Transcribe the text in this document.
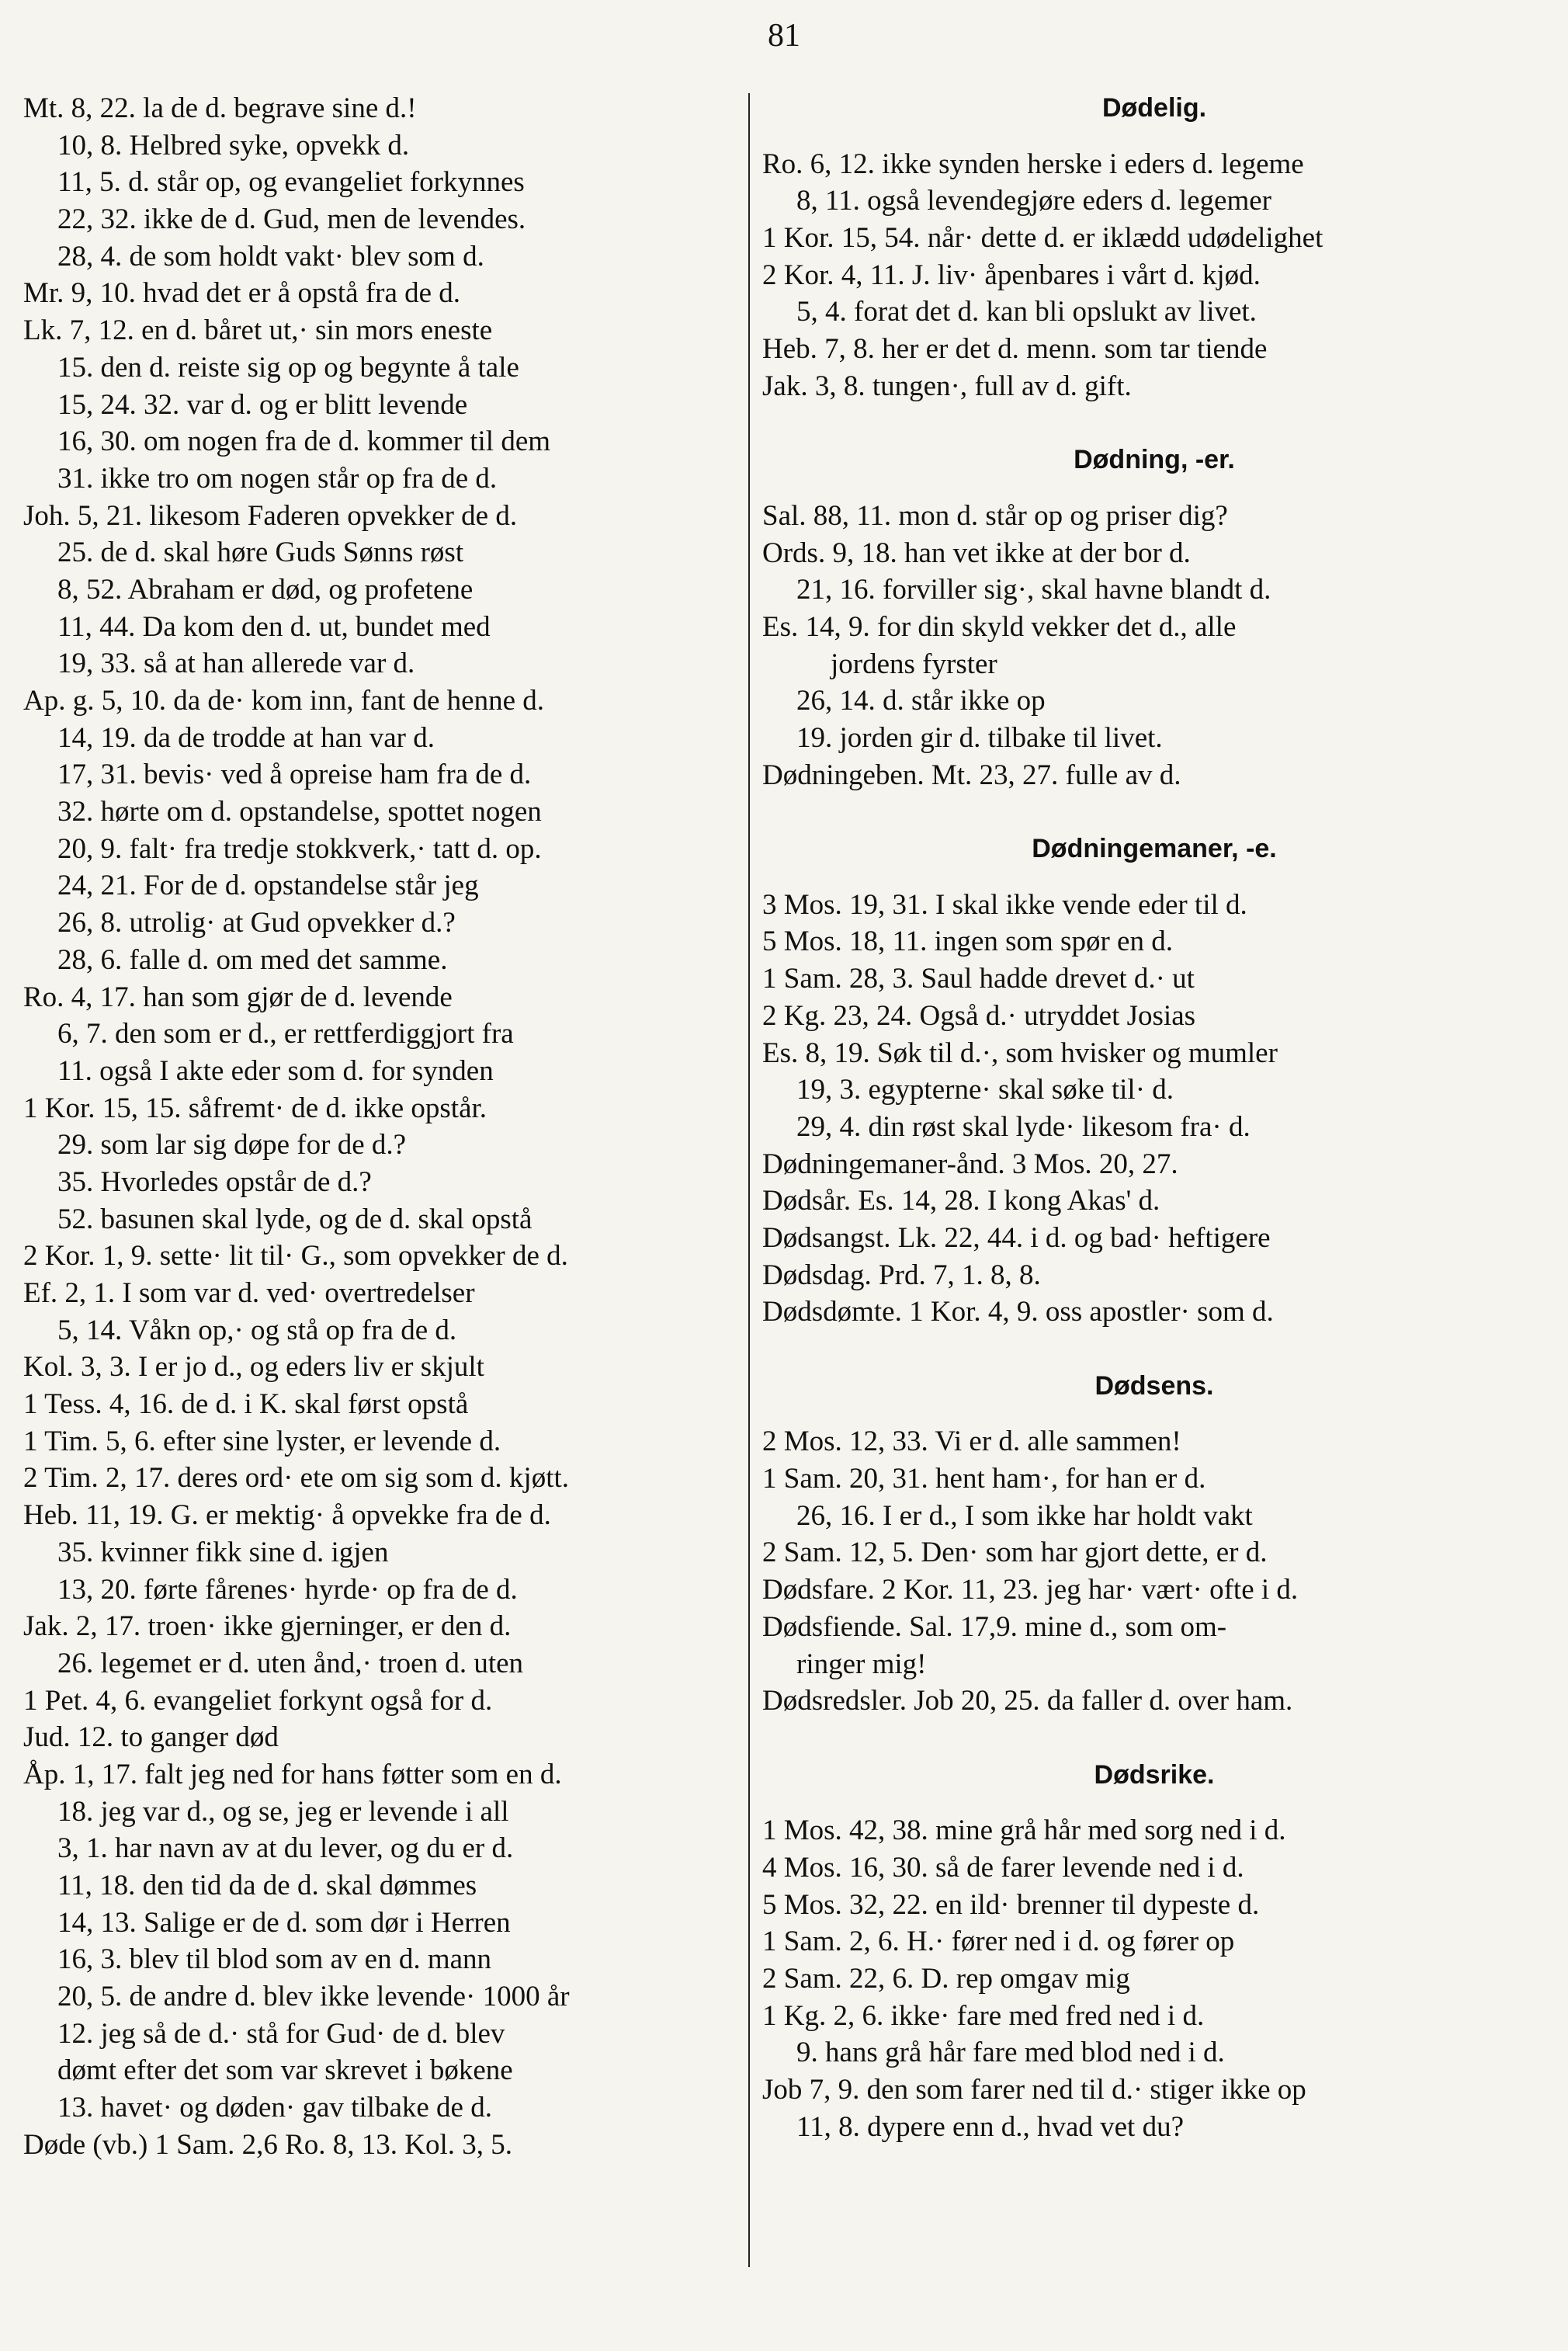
81
Mt. 8, 22. la de d. begrave sine d.!
10, 8. Helbred syke, opvekk d.
11, 5. d. står op, og evangeliet forkynnes
22, 32. ikke de d. Gud, men de levendes.
28, 4. de som holdt vakt· blev som d.
Mr. 9, 10. hvad det er å opstå fra de d.
Lk. 7, 12. en d. båret ut,· sin mors eneste
15. den d. reiste sig op og begynte å tale
15, 24. 32. var d. og er blitt levende
16, 30. om nogen fra de d. kommer til dem
31. ikke tro om nogen står op fra de d.
Joh. 5, 21. likesom Faderen opvekker de d.
25. de d. skal høre Guds Sønns røst
8, 52. Abraham er død, og profetene
11, 44. Da kom den d. ut, bundet med
19, 33. så at han allerede var d.
Ap. g. 5, 10. da de· kom inn, fant de henne d.
14, 19. da de trodde at han var d.
17, 31. bevis· ved å opreise ham fra de d.
32. hørte om d. opstandelse, spottet nogen
20, 9. falt· fra tredje stokkverk,· tatt d. op.
24, 21. For de d. opstandelse står jeg
26, 8. utrolig· at Gud opvekker d.?
28, 6. falle d. om med det samme.
Ro. 4, 17. han som gjør de d. levende
6, 7. den som er d., er rettferdiggjort fra
11. også I akte eder som d. for synden
1 Kor. 15, 15. såfremt· de d. ikke opstår.
29. som lar sig døpe for de d.?
35. Hvorledes opstår de d.?
52. basunen skal lyde, og de d. skal opstå
2 Kor. 1, 9. sette· lit til· G., som opvekker de d.
Ef. 2, 1. I som var d. ved· overtredelser
5, 14. Våkn op,· og stå op fra de d.
Kol. 3, 3. I er jo d., og eders liv er skjult
1 Tess. 4, 16. de d. i K. skal først opstå
1 Tim. 5, 6. efter sine lyster, er levende d.
2 Tim. 2, 17. deres ord· ete om sig som d. kjøtt.
Heb. 11, 19. G. er mektig· å opvekke fra de d.
35. kvinner fikk sine d. igjen
13, 20. førte fårenes· hyrde· op fra de d.
Jak. 2, 17. troen· ikke gjerninger, er den d.
26. legemet er d. uten ånd,· troen d. uten
1 Pet. 4, 6. evangeliet forkynt også for d.
Jud. 12. to ganger død
Åp. 1, 17. falt jeg ned for hans føtter som en d.
18. jeg var d., og se, jeg er levende i all
3, 1. har navn av at du lever, og du er d.
11, 18. den tid da de d. skal dømmes
14, 13. Salige er de d. som dør i Herren
16, 3. blev til blod som av en d. mann
20, 5. de andre d. blev ikke levende· 1000 år
12. jeg så de d.· stå for Gud· de d. blev
dømt efter det som var skrevet i bøkene
13. havet· og døden· gav tilbake de d.
Døde (vb.) 1 Sam. 2,6 Ro. 8, 13. Kol. 3, 5.
Dødelig.
Ro. 6, 12. ikke synden herske i eders d. legeme
8, 11. også levendegjøre eders d. legemer
1 Kor. 15, 54. når· dette d. er iklædd udødelighet
2 Kor. 4, 11. J. liv· åpenbares i vårt d. kjød.
5, 4. forat det d. kan bli opslukt av livet.
Heb. 7, 8. her er det d. menn. som tar tiende
Jak. 3, 8. tungen·, full av d. gift.
Dødning, -er.
Sal. 88, 11. mon d. står op og priser dig?
Ords. 9, 18. han vet ikke at der bor d.
21, 16. forviller sig·, skal havne blandt d.
Es. 14, 9. for din skyld vekker det d., alle
jordens fyrster
26, 14. d. står ikke op
19. jorden gir d. tilbake til livet.
Dødningeben. Mt. 23, 27. fulle av d.
Dødningemaner, -e.
3 Mos. 19, 31. I skal ikke vende eder til d.
5 Mos. 18, 11. ingen som spør en d.
1 Sam. 28, 3. Saul hadde drevet d.· ut
2 Kg. 23, 24. Også d.· utryddet Josias
Es. 8, 19. Søk til d.·, som hvisker og mumler
19, 3. egypterne· skal søke til· d.
29, 4. din røst skal lyde· likesom fra· d.
Dødningemaner-ånd. 3 Mos. 20, 27.
Dødsår. Es. 14, 28. I kong Akas' d.
Dødsangst. Lk. 22, 44. i d. og bad· heftigere
Dødsdag. Prd. 7, 1. 8, 8.
Dødsdømte. 1 Kor. 4, 9. oss apostler· som d.
Dødsens.
2 Mos. 12, 33. Vi er d. alle sammen!
1 Sam. 20, 31. hent ham·, for han er d.
26, 16. I er d., I som ikke har holdt vakt
2 Sam. 12, 5. Den· som har gjort dette, er d.
Dødsfare. 2 Kor. 11, 23. jeg har· vært· ofte i d.
Dødsfiende. Sal. 17,9. mine d., som om-
ringer mig!
Dødsredsler. Job 20, 25. da faller d. over ham.
Dødsrike.
1 Mos. 42, 38. mine grå hår med sorg ned i d.
4 Mos. 16, 30. så de farer levende ned i d.
5 Mos. 32, 22. en ild· brenner til dypeste d.
1 Sam. 2, 6. H.· fører ned i d. og fører op
2 Sam. 22, 6. D. rep omgav mig
1 Kg. 2, 6. ikke· fare med fred ned i d.
9. hans grå hår fare med blod ned i d.
Job 7, 9. den som farer ned til d.· stiger ikke op
11, 8. dypere enn d., hvad vet du?
